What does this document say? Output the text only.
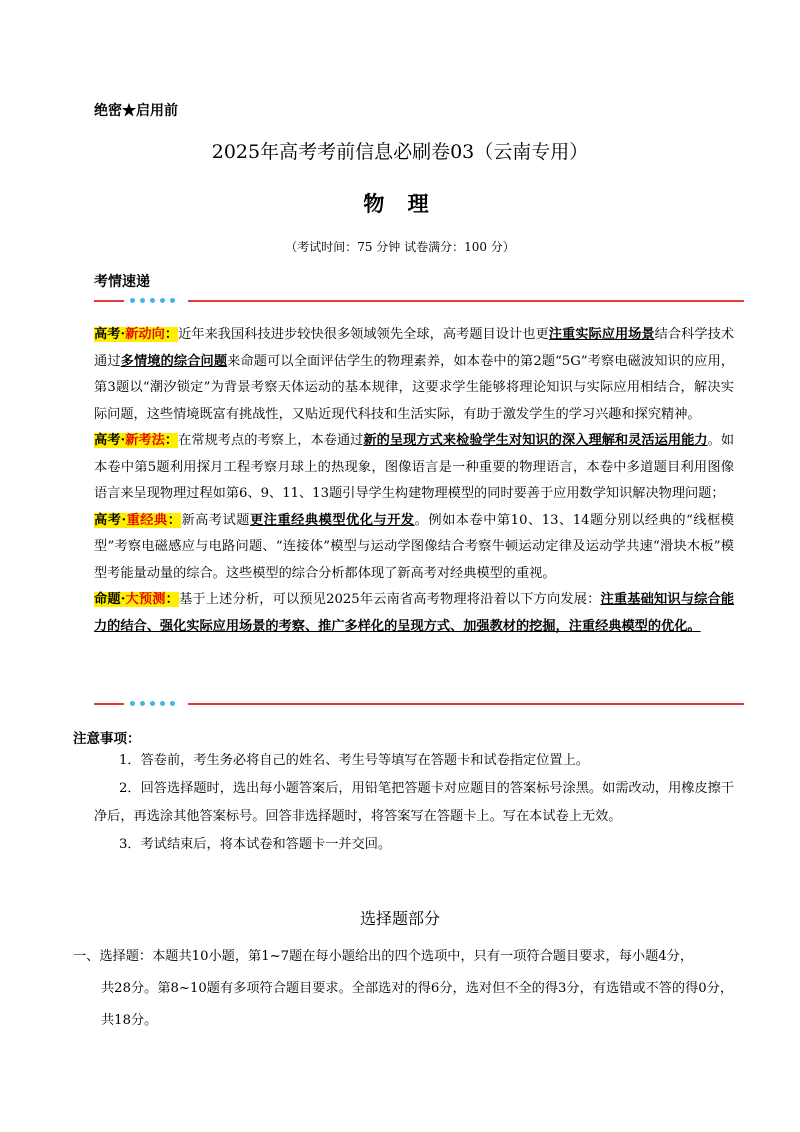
绝密★启用前
2025年高考考前信息必刷卷03（云南专用）
物 理
（考试时间：75 分钟 试卷满分：100 分）
考情速递

高考·新动向：近年来我国科技进步较快很多领域领先全球，高考题目设计也更注重实际应用场景结合科学技术通过多情境的综合问题来命题可以全面评估学生的物理素养，如本卷中的第2题“5G”考察电磁波知识的应用，第3题以“潮汐锁定”为背景考察天体运动的基本规律，这要求学生能够将理论知识与实际应用相结合，解决实际问题，这些情境既富有挑战性，又贴近现代科技和生活实际，有助于激发学生的学习兴趣和探究精神。

高考·新考法：在常规考点的考察上，本卷通过新的呈现方式来检验学生对知识的深入理解和灵活运用能力。如本卷中第5题利用探月工程考察月球上的热现象，图像语言是一种重要的物理语言，本卷中多道题目利用图像语言来呈现物理过程如第6、9、11、13题引导学生构建物理模型的同时要善于应用数学知识解决物理问题；

高考·重经典：新高考试题更注重经典模型优化与开发。例如本卷中第10、13、14题分别以经典的“线框模型”考察电磁感应与电路问题、“连接体”模型与运动学图像结合考察牛顿运动定律及运动学共速“滑块木板”模型考能量动量的综合。这些模型的综合分析都体现了新高考对经典模型的重视。

命题·大预测：基于上述分析，可以预见2025年云南省高考物理将沿着以下方向发展：注重基础知识与综合能力的结合、强化实际应用场景的考察、推广多样化的呈现方式、加强教材的挖掘，注重经典模型的优化。

注意事项：

1．答卷前，考生务必将自己的姓名、考生号等填写在答题卡和试卷指定位置上。

2．回答选择题时，选出每小题答案后，用铅笔把答题卡对应题目的答案标号涂黑。如需改动，用橡皮擦干净后，再选涂其他答案标号。回答非选择题时，将答案写在答题卡上。写在本试卷上无效。

3．考试结束后，将本试卷和答题卡一并交回。

选择题部分
一、选择题：本题共10小题，第1~7题在每小题给出的四个选项中，只有一项符合题目要求，每小题4分，
共28分。第8~10题有多项符合题目要求。全部选对的得6分，选对但不全的得3分，有选错或不答的得0分，共18分。
